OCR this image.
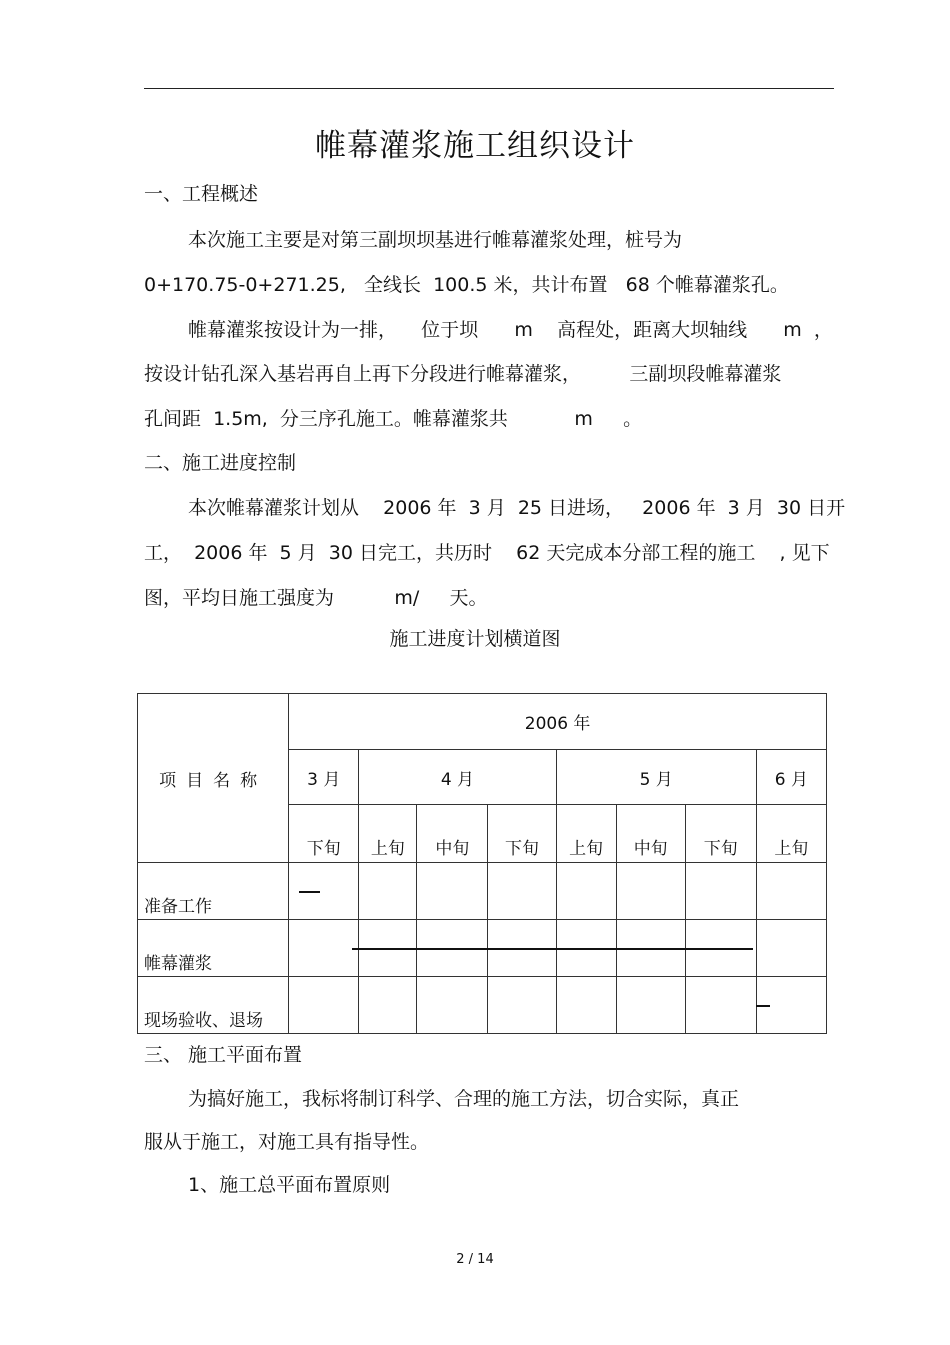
帷幕灌浆施工组织设计
一、工程概述
本次施工主要是对第三副坝坝基进行帷幕灌浆处理，桩号为
0+170.75-0+271.25,   全线长  100.5 米，共计布置   68 个帷幕灌浆孔。
帷幕灌浆按设计为一排，    位于坝      m    高程处，距离大坝轴线      m  ，
按设计钻孔深入基岩再自上再下分段进行帷幕灌浆，        三副坝段帷幕灌浆
孔间距  1.5m,  分三序孔施工。帷幕灌浆共           m     。
二、施工进度控制
本次帷幕灌浆计划从    2006 年  3 月  25 日进场，   2006 年  3 月  30 日开
工，  2006 年  5 月  30 日完工，共历时    62 天完成本分部工程的施工    , 见下
图，平均日施工强度为          m/     天。
施工进度计划横道图
项目名称	2006 年							
	3 月	4 月			5 月			6 月
	下旬	上旬	中旬	下旬	上旬	中旬	下旬	上旬
准备工作								
帷幕灌浆								
现场验收、退场								
三、 施工平面布置
为搞好施工，我标将制订科学、合理的施工方法，切合实际，真正
服从于施工，对施工具有指导性。
1、施工总平面布置原则
2 / 14
